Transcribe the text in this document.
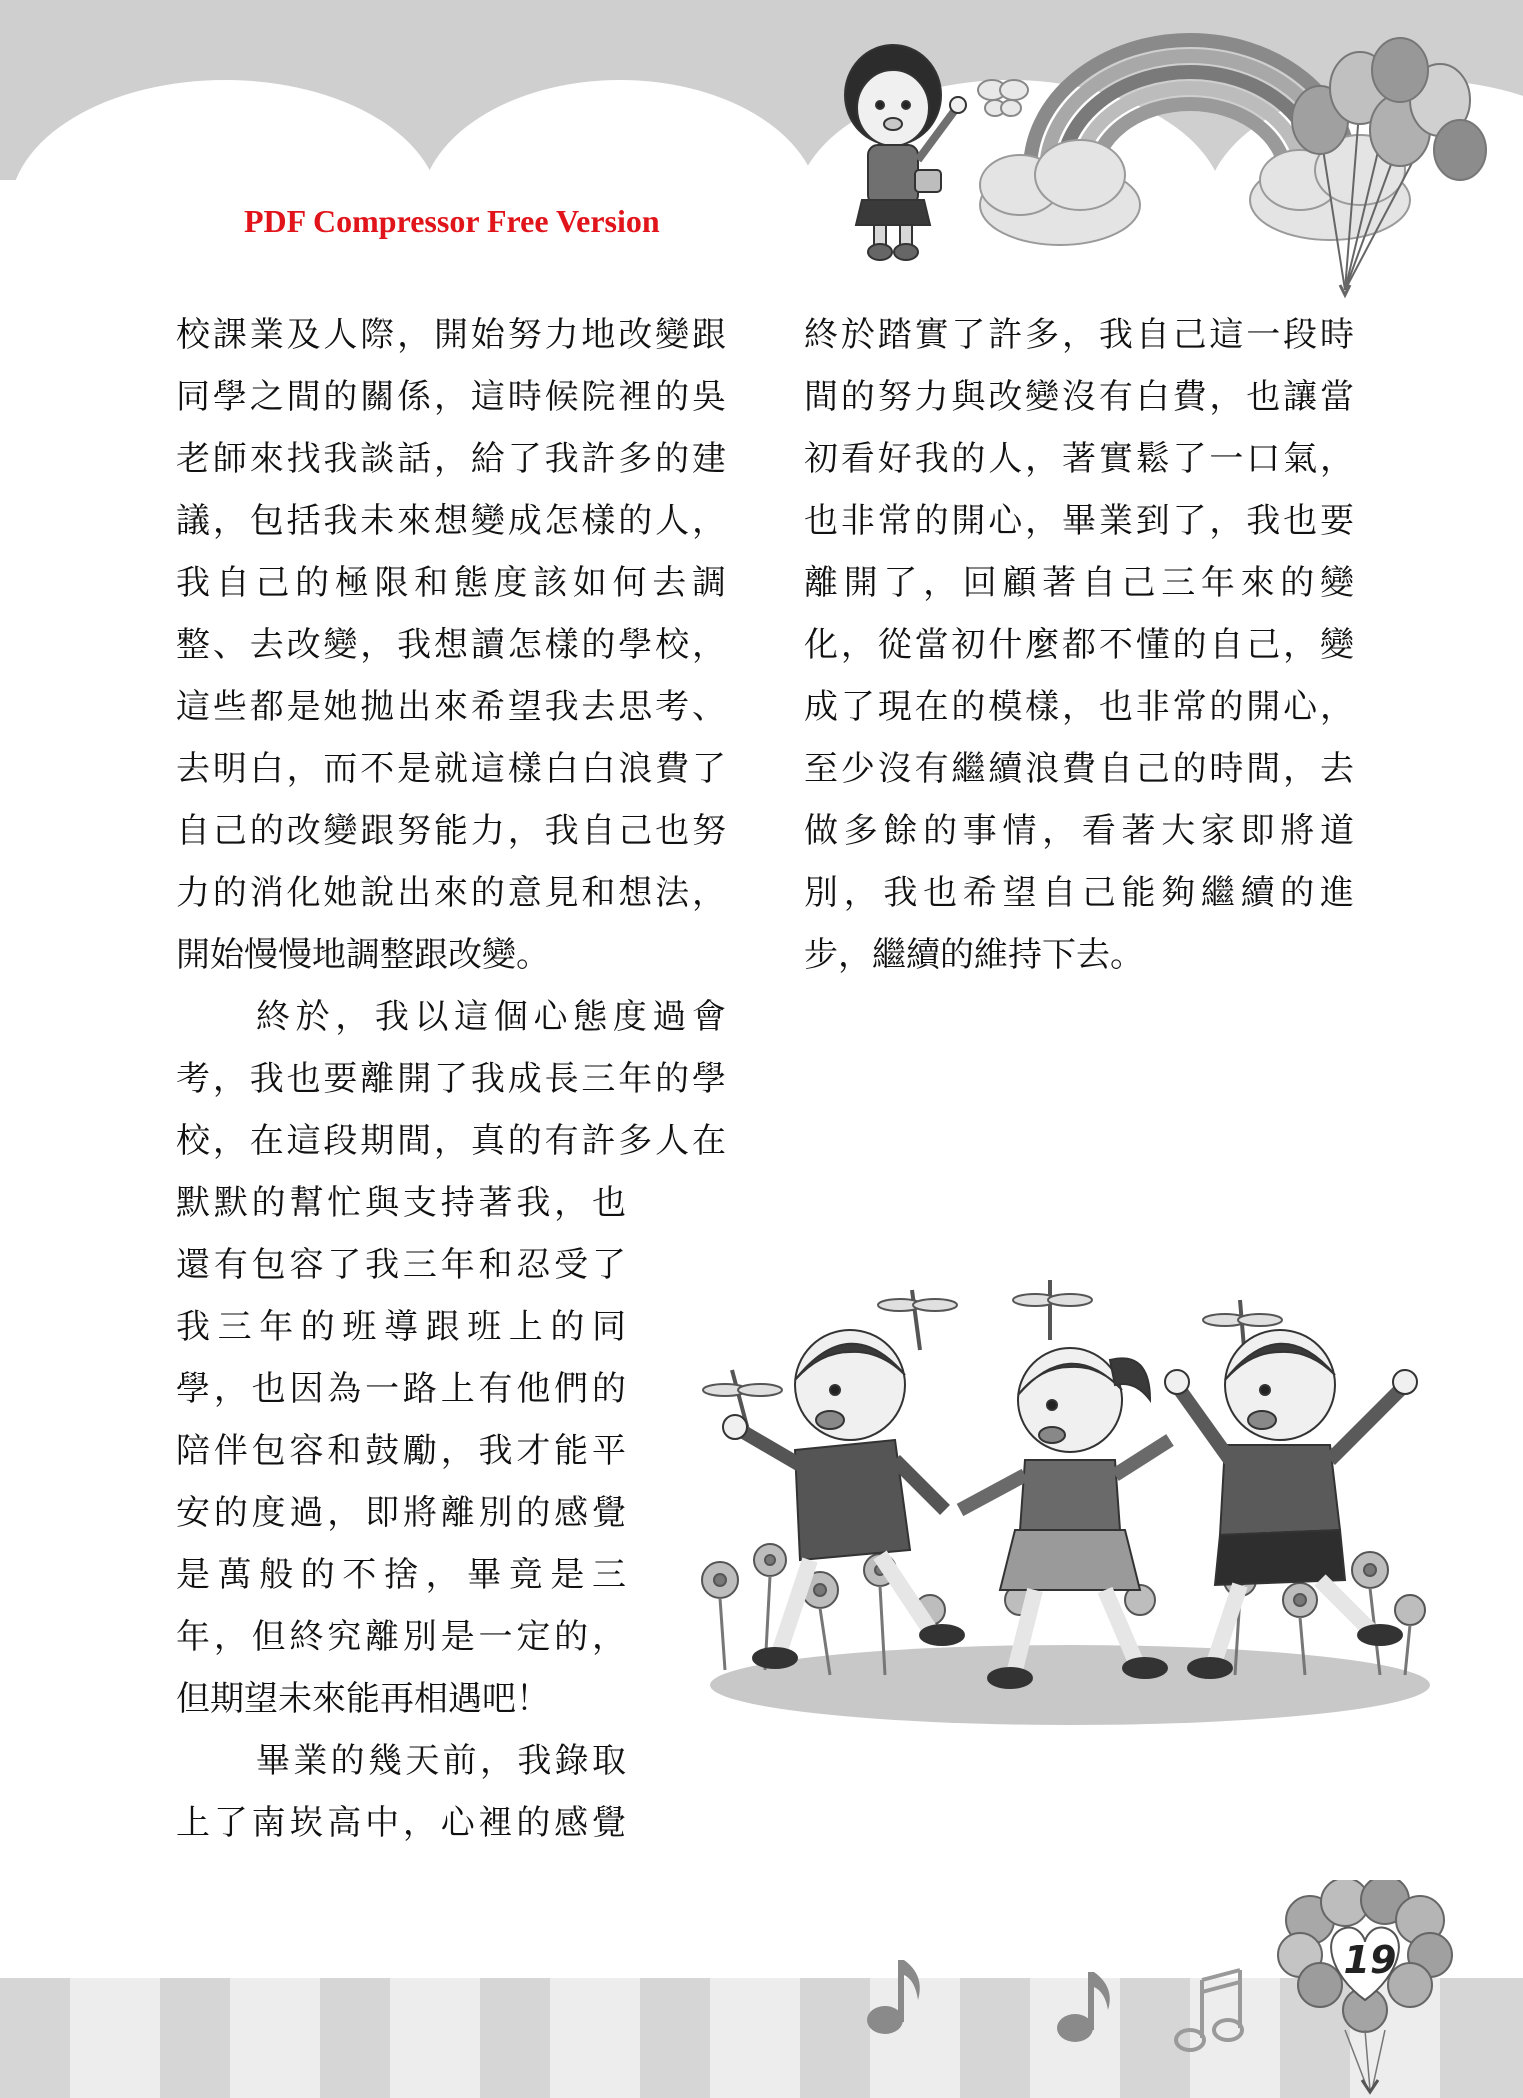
PDF Compressor Free Version
校課業及人際，開始努力地改變跟
同學之間的關係，這時候院裡的吳
老師來找我談話，給了我許多的建
議，包括我未來想變成怎樣的人，
我自己的極限和態度該如何去調
整、去改變，我想讀怎樣的學校，
這些都是她拋出來希望我去思考、
去明白，而不是就這樣白白浪費了
自己的改變跟努能力，我自己也努
力的消化她說出來的意見和想法，
開始慢慢地調整跟改變。
終於，我以這個心態度過會
考，我也要離開了我成長三年的學
校，在這段期間，真的有許多人在
默默的幫忙與支持著我，也
還有包容了我三年和忍受了
我三年的班導跟班上的同
學，也因為一路上有他們的
陪伴包容和鼓勵，我才能平
安的度過，即將離別的感覺
是萬般的不捨，畢竟是三
年，但終究離別是一定的，
但期望未來能再相遇吧！
畢業的幾天前，我錄取
上了南崁高中，心裡的感覺
終於踏實了許多，我自己這一段時
間的努力與改變沒有白費，也讓當
初看好我的人，著實鬆了一口氣，
也非常的開心，畢業到了，我也要
離開了，回顧著自己三年來的變
化，從當初什麼都不懂的自己，變
成了現在的模樣，也非常的開心，
至少沒有繼續浪費自己的時間，去
做多餘的事情，看著大家即將道
別，我也希望自己能夠繼續的進
步，繼續的維持下去。
19
